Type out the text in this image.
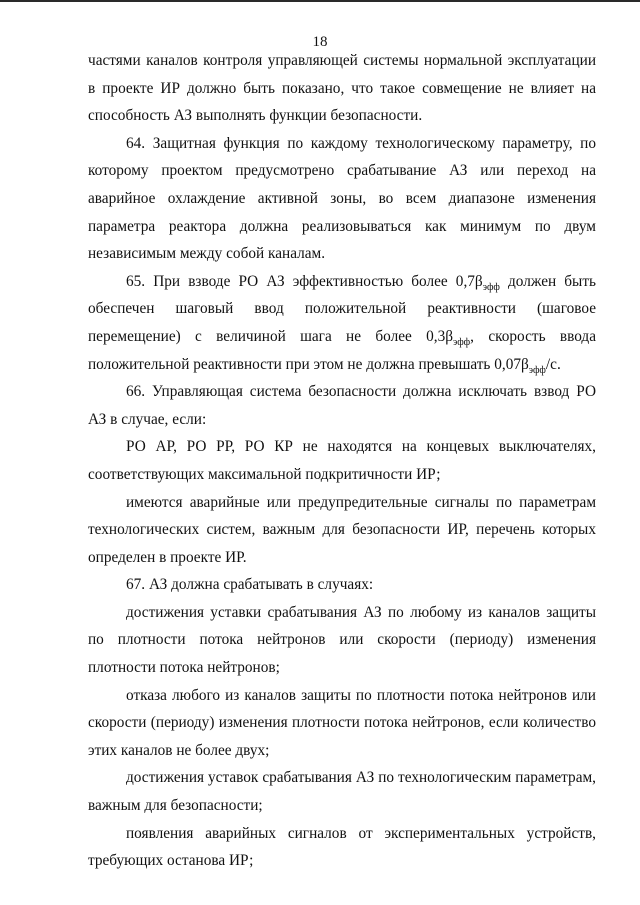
18

частями каналов контроля управляющей системы нормальной эксплуатации в проекте ИР должно быть показано, что такое совмещение не влияет на способность АЗ выполнять функции безопасности.

64. Защитная функция по каждому технологическому параметру, по которому проектом предусмотрено срабатывание АЗ или переход на аварийное охлаждение активной зоны, во всем диапазоне изменения параметра реактора должна реализовываться как минимум по двум независимым между собой каналам.

65. При взводе РО АЗ эффективностью более $0,7\beta_{эфф}$ должен быть обеспечен шаговый ввод положительной реактивности (шаговое перемещение) с величиной шага не более $0,3\beta_{эфф}$, скорость ввода положительной реактивности при этом не должна превышать $0,07\beta_{эфф}/с$.

66. Управляющая система безопасности должна исключать взвод РО АЗ в случае, если:

РО АР, РО РР, РО КР не находятся на концевых выключателях, соответствующих максимальной подкритичности ИР;

имеются аварийные или предупредительные сигналы по параметрам технологических систем, важным для безопасности ИР, перечень которых определен в проекте ИР.

67. АЗ должна срабатывать в случаях:

достижения уставки срабатывания АЗ по любому из каналов защиты по плотности потока нейтронов или скорости (периоду) изменения плотности потока нейтронов;

отказа любого из каналов защиты по плотности потока нейтронов или скорости (периоду) изменения плотности потока нейтронов, если количество этих каналов не более двух;

достижения уставок срабатывания АЗ по технологическим параметрам, важным для безопасности;

появления аварийных сигналов от экспериментальных устройств, требующих останова ИР;
